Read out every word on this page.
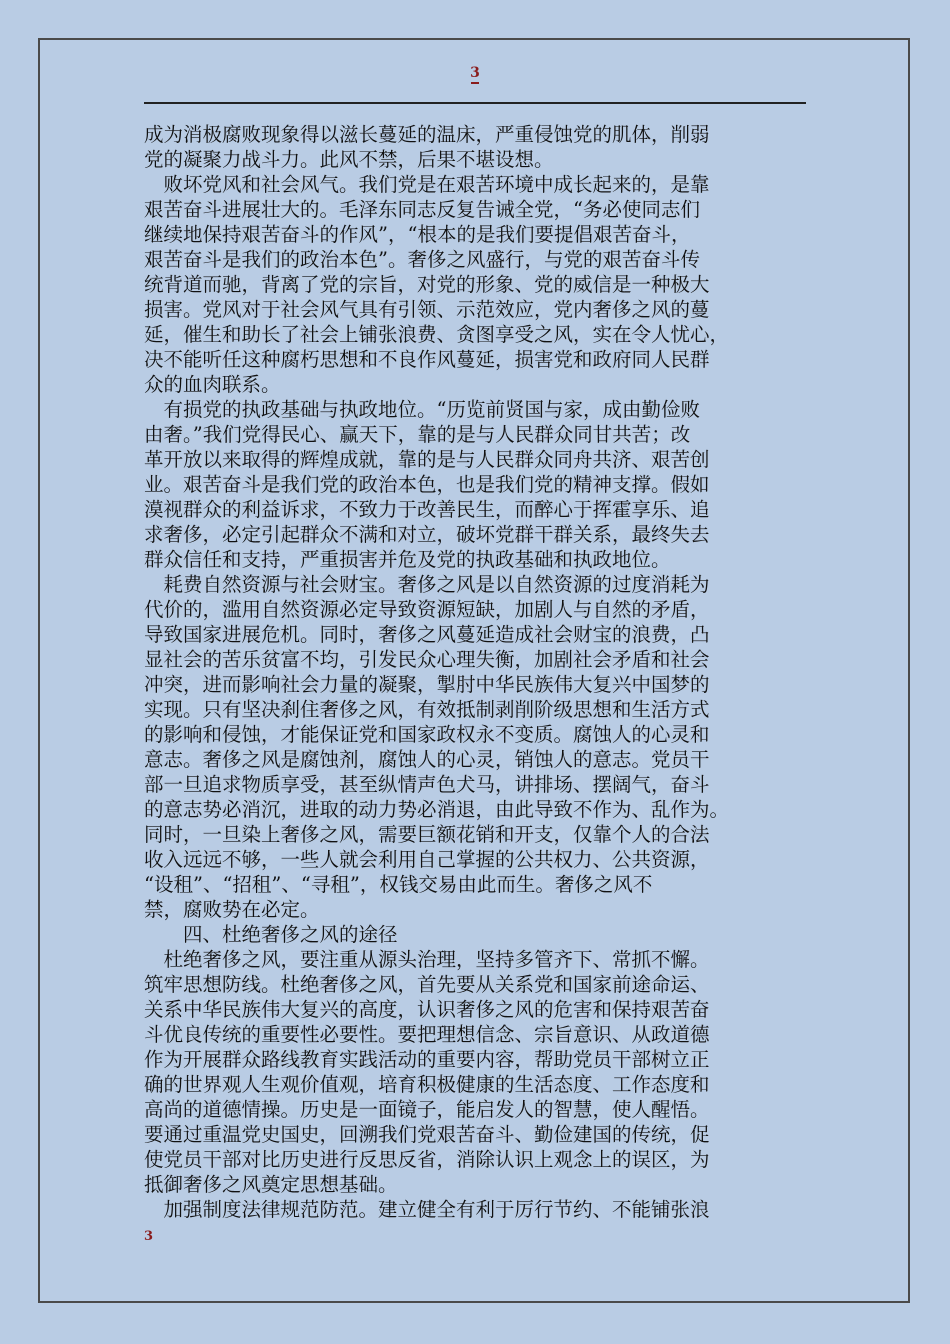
3
成为消极腐败现象得以滋长蔓延的温床，严重侵蚀党的肌体，削弱
党的凝聚力战斗力。此风不禁，后果不堪设想。
　败坏党风和社会风气。我们党是在艰苦环境中成长起来的，是靠
艰苦奋斗进展壮大的。毛泽东同志反复告诫全党，“务必使同志们
继续地保持艰苦奋斗的作风”，“根本的是我们要提倡艰苦奋斗，
艰苦奋斗是我们的政治本色”。奢侈之风盛行，与党的艰苦奋斗传
统背道而驰，背离了党的宗旨，对党的形象、党的威信是一种极大
损害。党风对于社会风气具有引领、示范效应，党内奢侈之风的蔓
延，催生和助长了社会上铺张浪费、贪图享受之风，实在令人忧心，
决不能听任这种腐朽思想和不良作风蔓延，损害党和政府同人民群
众的血肉联系。
　有损党的执政基础与执政地位。“历览前贤国与家，成由勤俭败
由奢。”我们党得民心、赢天下，靠的是与人民群众同甘共苦；改
革开放以来取得的辉煌成就，靠的是与人民群众同舟共济、艰苦创
业。艰苦奋斗是我们党的政治本色，也是我们党的精神支撑。假如
漠视群众的利益诉求，不致力于改善民生，而醉心于挥霍享乐、追
求奢侈，必定引起群众不满和对立，破坏党群干群关系，最终失去
群众信任和支持，严重损害并危及党的执政基础和执政地位。
　耗费自然资源与社会财宝。奢侈之风是以自然资源的过度消耗为
代价的，滥用自然资源必定导致资源短缺，加剧人与自然的矛盾，
导致国家进展危机。同时，奢侈之风蔓延造成社会财宝的浪费，凸
显社会的苦乐贫富不均，引发民众心理失衡，加剧社会矛盾和社会
冲突，进而影响社会力量的凝聚，掣肘中华民族伟大复兴中国梦的
实现。只有坚决刹住奢侈之风，有效抵制剥削阶级思想和生活方式
的影响和侵蚀，才能保证党和国家政权永不变质。腐蚀人的心灵和
意志。奢侈之风是腐蚀剂，腐蚀人的心灵，销蚀人的意志。党员干
部一旦追求物质享受，甚至纵情声色犬马，讲排场、摆阔气，奋斗
的意志势必消沉，进取的动力势必消退，由此导致不作为、乱作为。
同时，一旦染上奢侈之风，需要巨额花销和开支，仅靠个人的合法
收入远远不够，一些人就会利用自己掌握的公共权力、公共资源，
“设租”、“招租”、“寻租”，权钱交易由此而生。奢侈之风不
禁，腐败势在必定。
　　四、杜绝奢侈之风的途径
　杜绝奢侈之风，要注重从源头治理，坚持多管齐下、常抓不懈。
筑牢思想防线。杜绝奢侈之风，首先要从关系党和国家前途命运、
关系中华民族伟大复兴的高度，认识奢侈之风的危害和保持艰苦奋
斗优良传统的重要性必要性。要把理想信念、宗旨意识、从政道德
作为开展群众路线教育实践活动的重要内容，帮助党员干部树立正
确的世界观人生观价值观，培育积极健康的生活态度、工作态度和
高尚的道德情操。历史是一面镜子，能启发人的智慧，使人醒悟。
要通过重温党史国史，回溯我们党艰苦奋斗、勤俭建国的传统，促
使党员干部对比历史进行反思反省，消除认识上观念上的误区，为
抵御奢侈之风奠定思想基础。
　加强制度法律规范防范。建立健全有利于厉行节约、不能铺张浪
3
